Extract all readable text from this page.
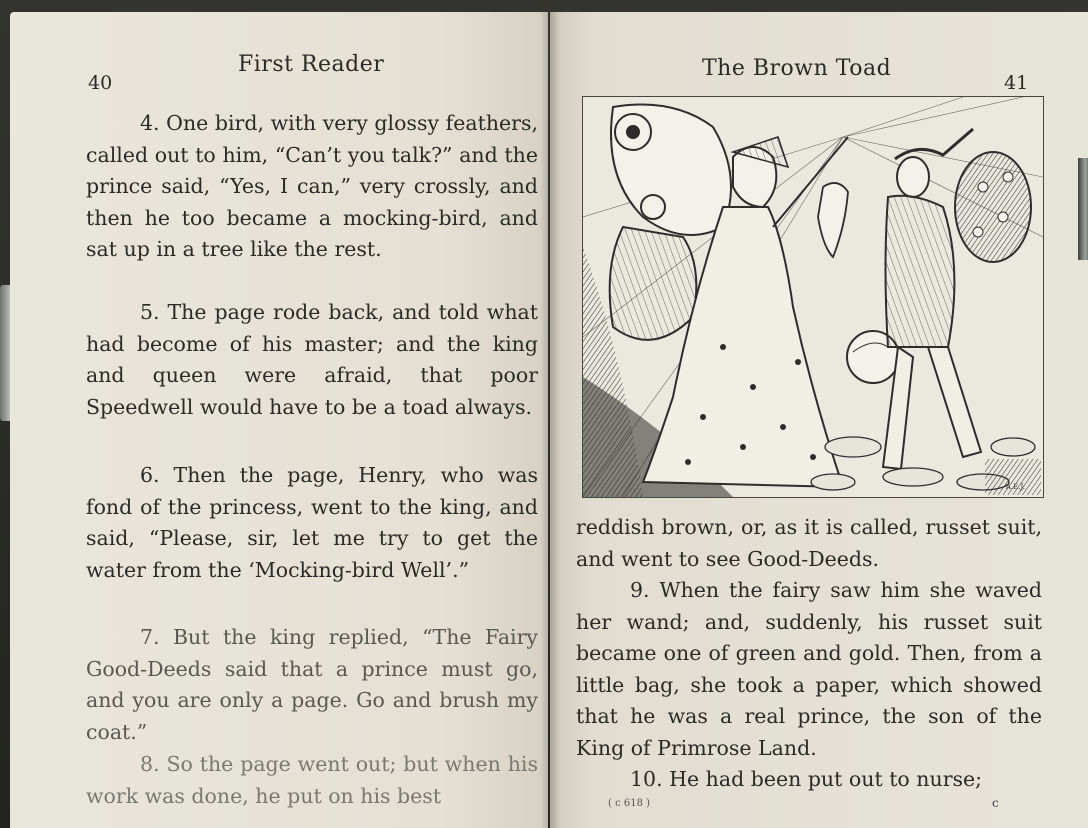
40
First Reader

4. One bird, with very glossy feathers, called out to him, “Can’t you talk?” and the prince said, “Yes, I can,” very crossly, and then he too became a mocking-bird, and sat up in a tree like the rest.

5. The page rode back, and told what had become of his master; and the king and queen were afraid, that poor Speedwell would have to be a toad always.

6. Then the page, Henry, who was fond of the princess, went to the king, and said, “Please, sir, let me try to get the water from the ‘Mocking-bird Well’.”

7. But the king replied, “The Fairy Good-Deeds said that a prince must go, and you are only a page. Go and brush my coat.”

8. So the page went out; but when his work was done, he put on his best

The Brown Toad
41
A.E.J.

reddish brown, or, as it is called, russet suit, and went to see Good-Deeds.

9. When the fairy saw him she waved her wand; and, suddenly, his russet suit became one of green and gold. Then, from a little bag, she took a paper, which showed that he was a real prince, the son of the King of Primrose Land.

10. He had been put out to nurse;

( c 618 )	c
